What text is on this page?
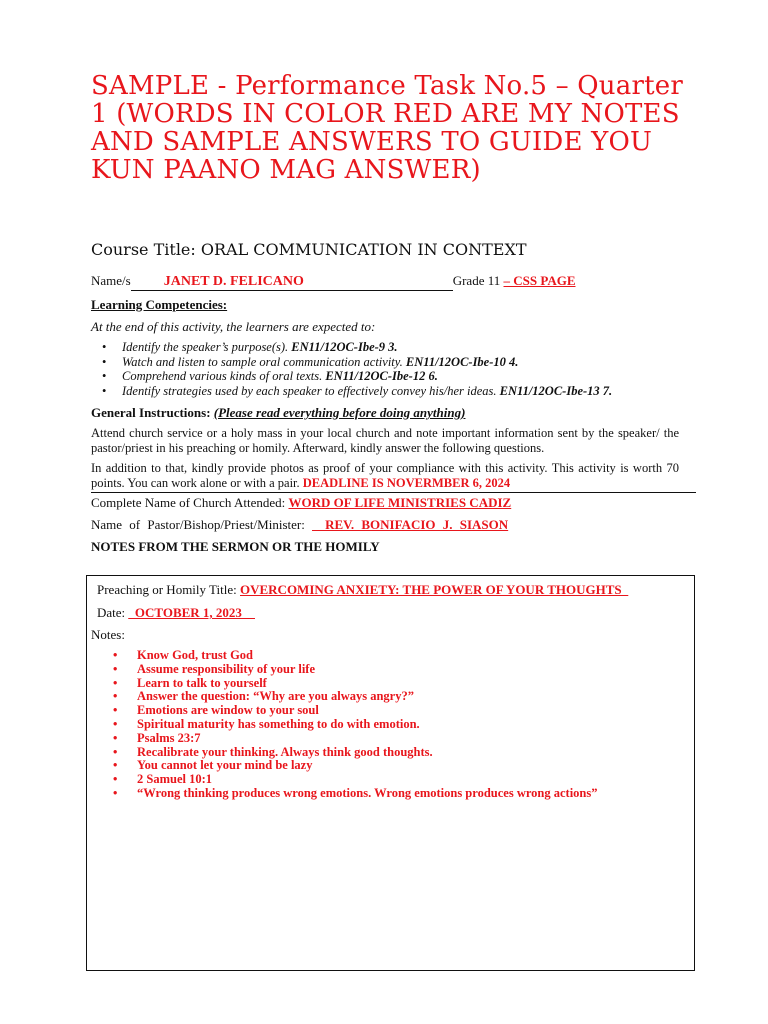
SAMPLE - Performance Task No.5 – Quarter 1 (WORDS IN COLOR RED ARE MY NOTES AND SAMPLE ANSWERS TO GUIDE YOU KUN PAANO MAG ANSWER)
Course Title: ORAL COMMUNICATION IN CONTEXT
Name/s JANET D. FELICANO	Grade 11 – CSS PAGE
Learning Competencies:
At the end of this activity, the learners are expected to:
• Identify the speaker’s purpose(s). EN11/12OC-Ibe-9 3.
• Watch and listen to sample oral communication activity. EN11/12OC-Ibe-10 4.
• Comprehend various kinds of oral texts. EN11/12OC-Ibe-12 6.
• Identify strategies used by each speaker to effectively convey his/her ideas. EN11/12OC-Ibe-13 7.
General Instructions: (Please read everything before doing anything)

Attend church service or a holy mass in your local church and note important information sent by the speaker/ the pastor/priest in his preaching or homily. Afterward, kindly answer the following questions.

In addition to that, kindly provide photos as proof of your compliance with this activity. This activity is worth 70 points. You can work alone or with a pair. DEADLINE IS NOVERMBER 6, 2024

Complete Name of Church Attended: WORD OF LIFE MINISTRIES CADIZ
Name of Pastor/Bishop/Priest/Minister: __REV. BONIFACIO J. SIASON
NOTES FROM THE SERMON OR THE HOMILY
Preaching or Homily Title: OVERCOMING ANXIETY: THE POWER OF YOUR THOUGHTS_
Date: _OCTOBER 1, 2023__
Notes:
• Know God, trust God
• Assume responsibility of your life
• Learn to talk to yourself
• Answer the question: “Why are you always angry?”
• Emotions are window to your soul
• Spiritual maturity has something to do with emotion.
• Psalms 23:7
• Recalibrate your thinking. Always think good thoughts.
• You cannot let your mind be lazy
• 2 Samuel 10:1
• “Wrong thinking produces wrong emotions. Wrong emotions produces wrong actions”
